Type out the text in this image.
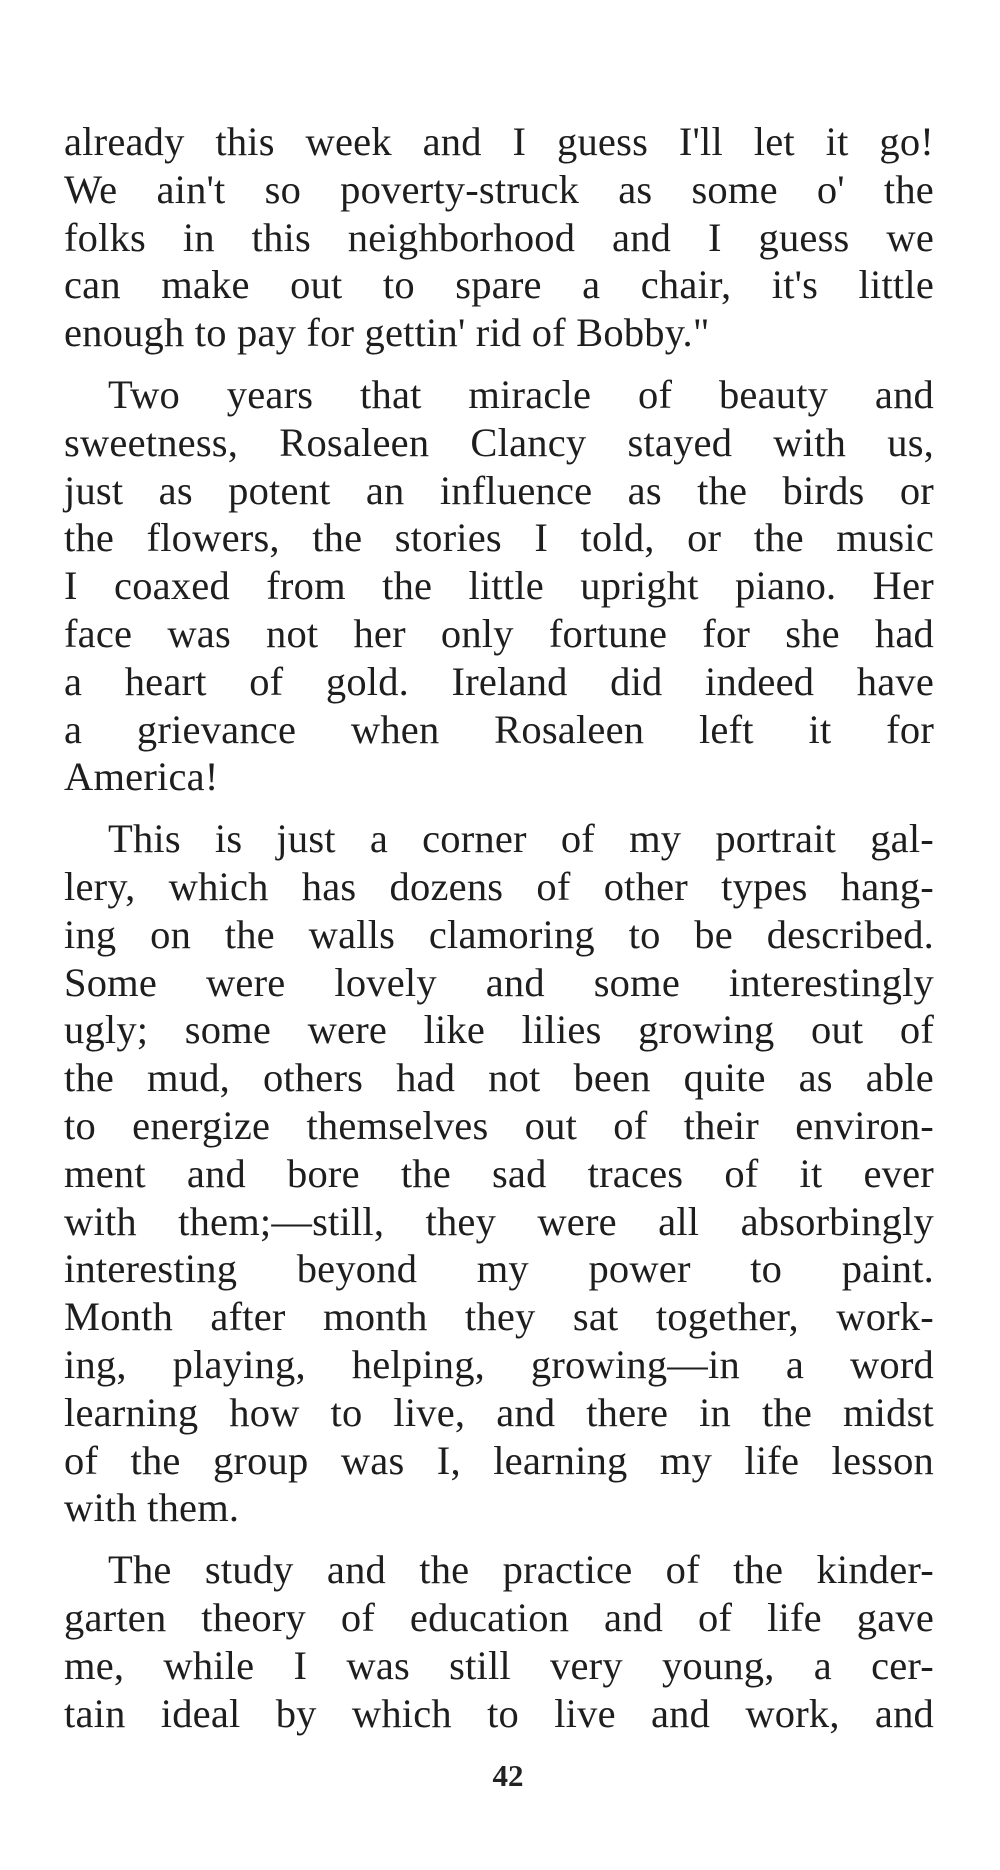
already this week and I guess I'll let it go!
We ain't so poverty-struck as some o' the
folks in this neighborhood and I guess we
can make out to spare a chair, it's little
enough to pay for gettin' rid of Bobby."

Two years that miracle of beauty and
sweetness, Rosaleen Clancy stayed with us,
just as potent an influence as the birds or
the flowers, the stories I told, or the music
I coaxed from the little upright piano. Her
face was not her only fortune for she had
a heart of gold. Ireland did indeed have
a grievance when Rosaleen left it for
America!

This is just a corner of my portrait gal-
lery, which has dozens of other types hang-
ing on the walls clamoring to be described.
Some were lovely and some interestingly
ugly; some were like lilies growing out of
the mud, others had not been quite as able
to energize themselves out of their environ-
ment and bore the sad traces of it ever
with them;—still, they were all absorbingly
interesting beyond my power to paint.
Month after month they sat together, work-
ing, playing, helping, growing—in a word
learning how to live, and there in the midst
of the group was I, learning my life lesson
with them.

The study and the practice of the kinder-
garten theory of education and of life gave
me, while I was still very young, a cer-
tain ideal by which to live and work, and

42
